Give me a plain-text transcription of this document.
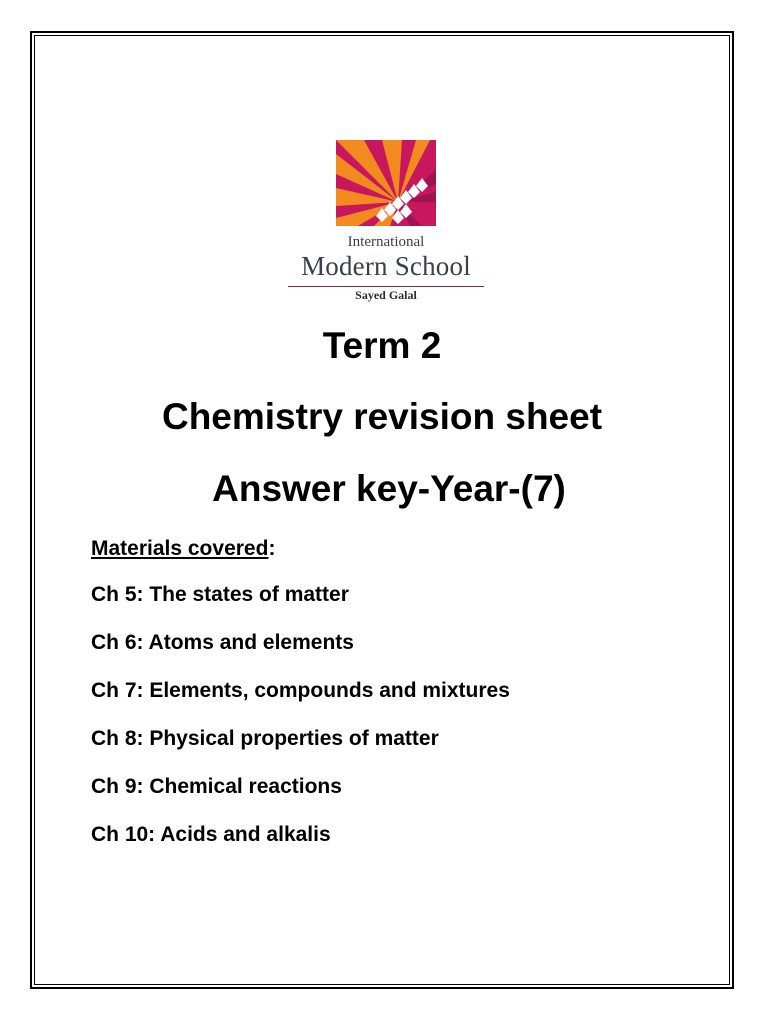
International
Modern School
Sayed Galal
Term 2
Chemistry revision sheet
Answer key-Year-(7)
Materials covered:
Ch 5: The states of matter
Ch 6: Atoms and elements
Ch 7: Elements, compounds and mixtures
Ch 8: Physical properties of matter
Ch 9: Chemical reactions
Ch 10: Acids and alkalis
